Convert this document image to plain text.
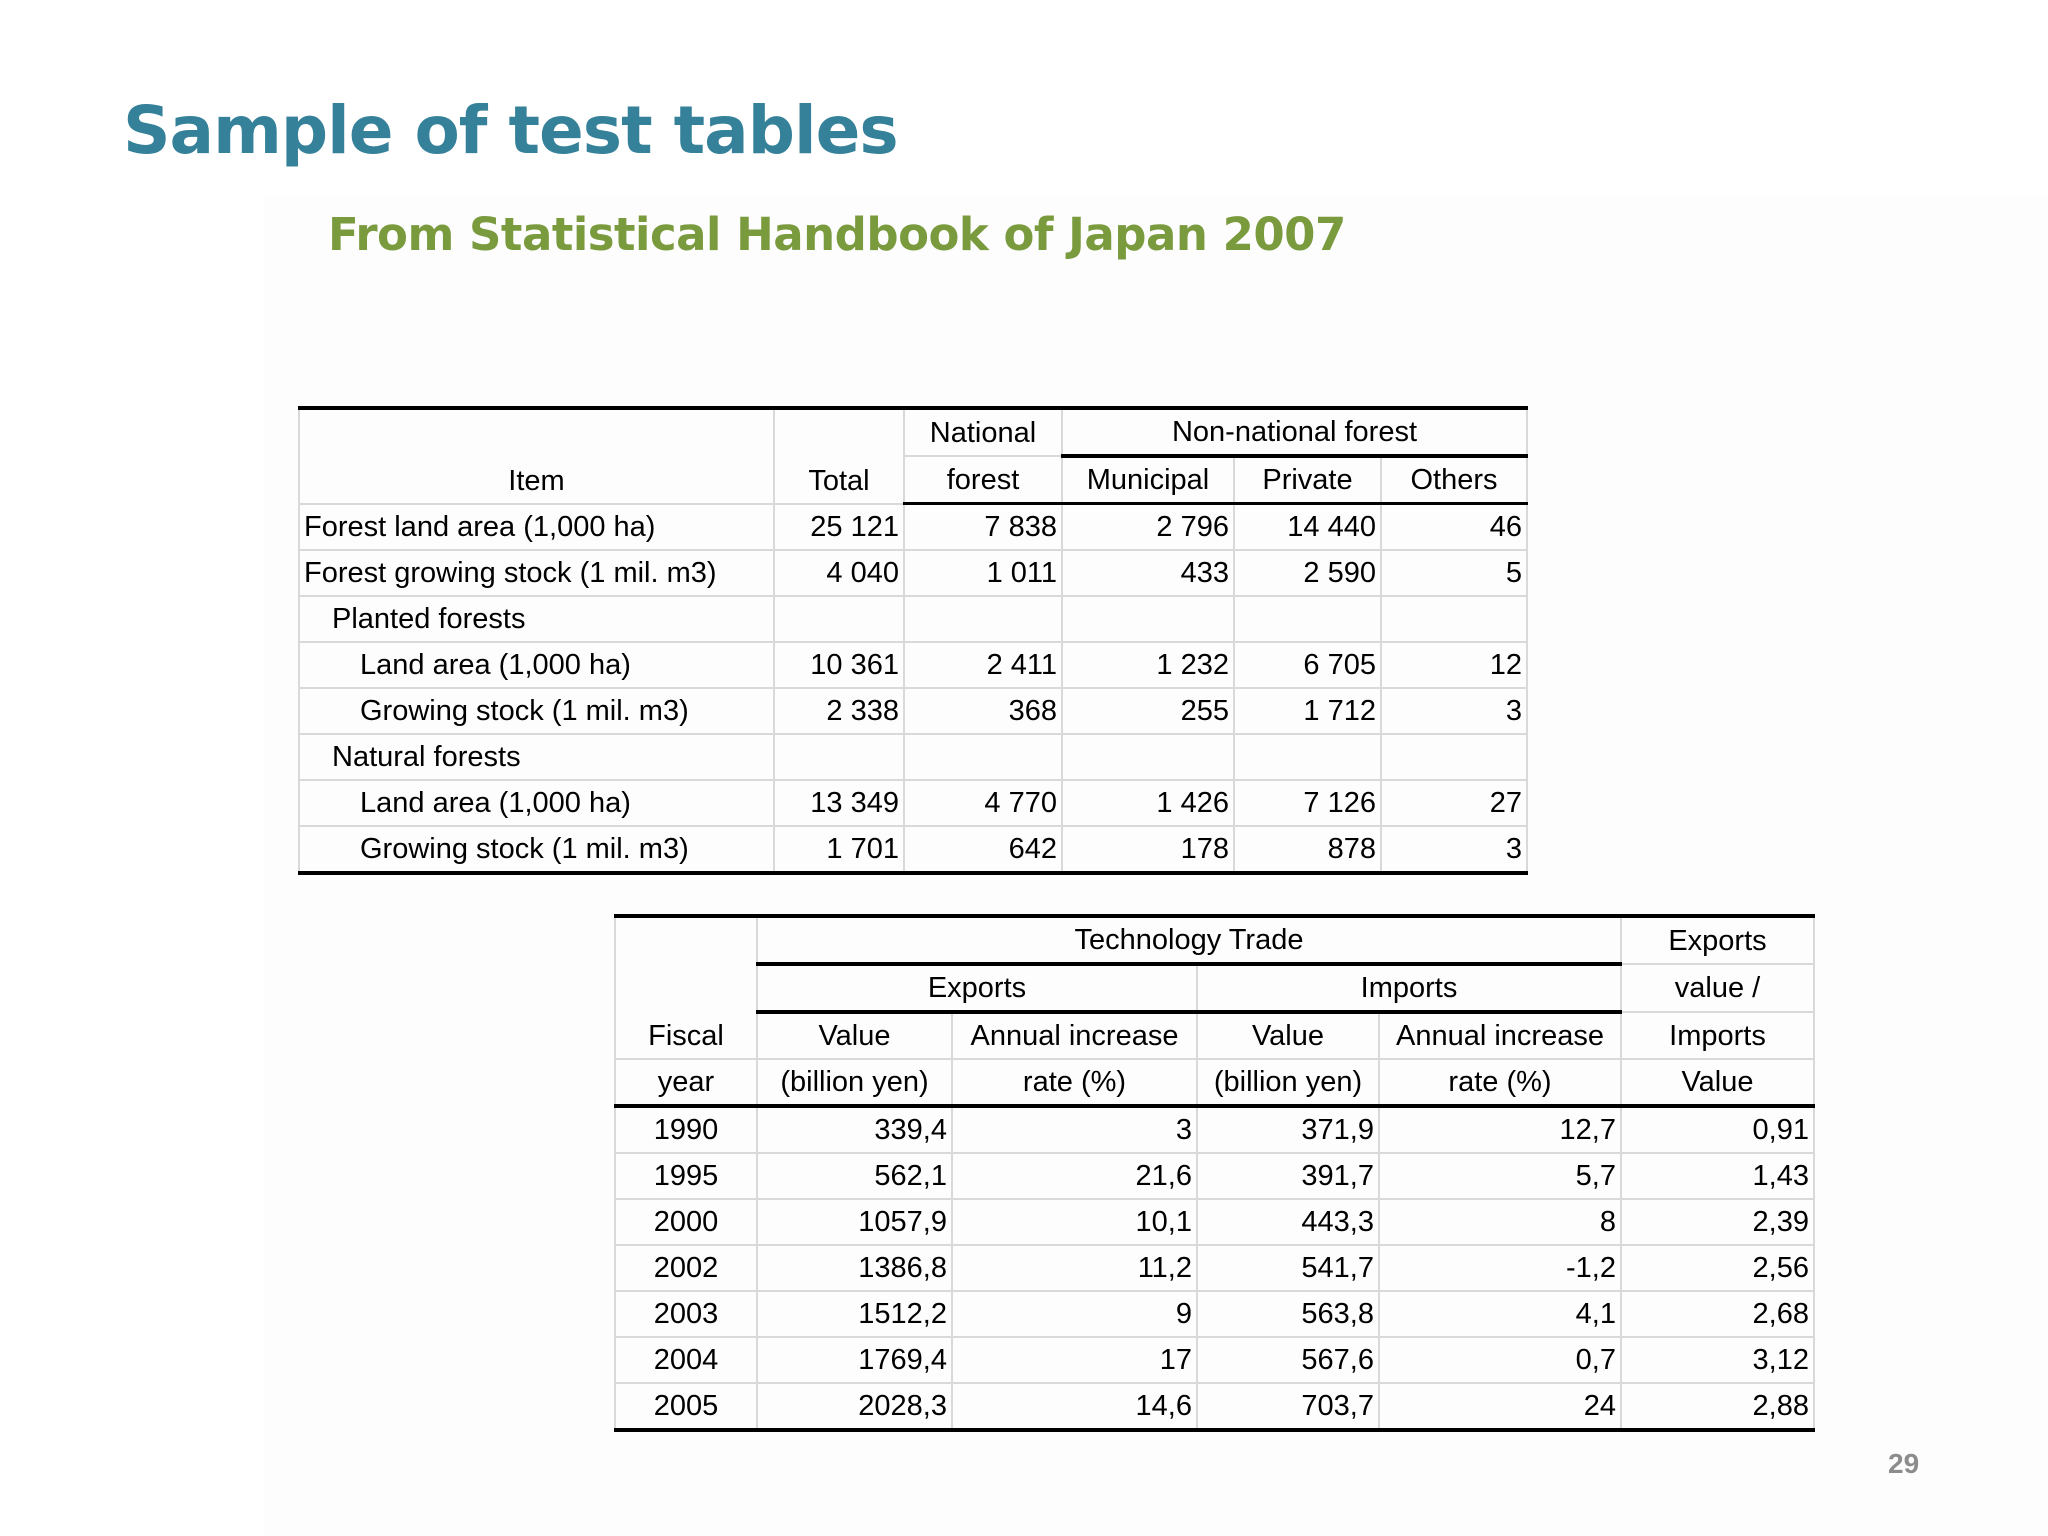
Sample of test tables
From Statistical Handbook of Japan 2007
Item	Total	National	Non-national forest		
		forest	Municipal	Private	Others
Forest land area (1,000 ha)	25 121	7 838	2 796	14 440	46
Forest growing stock (1 mil. m3)	4 040	1 011	433	2 590	5
Planted forests					
Land area (1,000 ha)	10 361	2 411	1 232	6 705	12
Growing stock (1 mil. m3)	2 338	368	255	1 712	3
Natural forests					
Land area (1,000 ha)	13 349	4 770	1 426	7 126	27
Growing stock (1 mil. m3)	1 701	642	178	878	3
	Technology Trade				Exports
	Exports		Imports		value /
Fiscal	Value	Annual increase	Value	Annual increase	Imports
year	(billion yen)	rate (%)	(billion yen)	rate (%)	Value
1990	339,4	3	371,9	12,7	0,91
1995	562,1	21,6	391,7	5,7	1,43
2000	1057,9	10,1	443,3	8	2,39
2002	1386,8	11,2	541,7	-1,2	2,56
2003	1512,2	9	563,8	4,1	2,68
2004	1769,4	17	567,6	0,7	3,12
2005	2028,3	14,6	703,7	24	2,88
29
